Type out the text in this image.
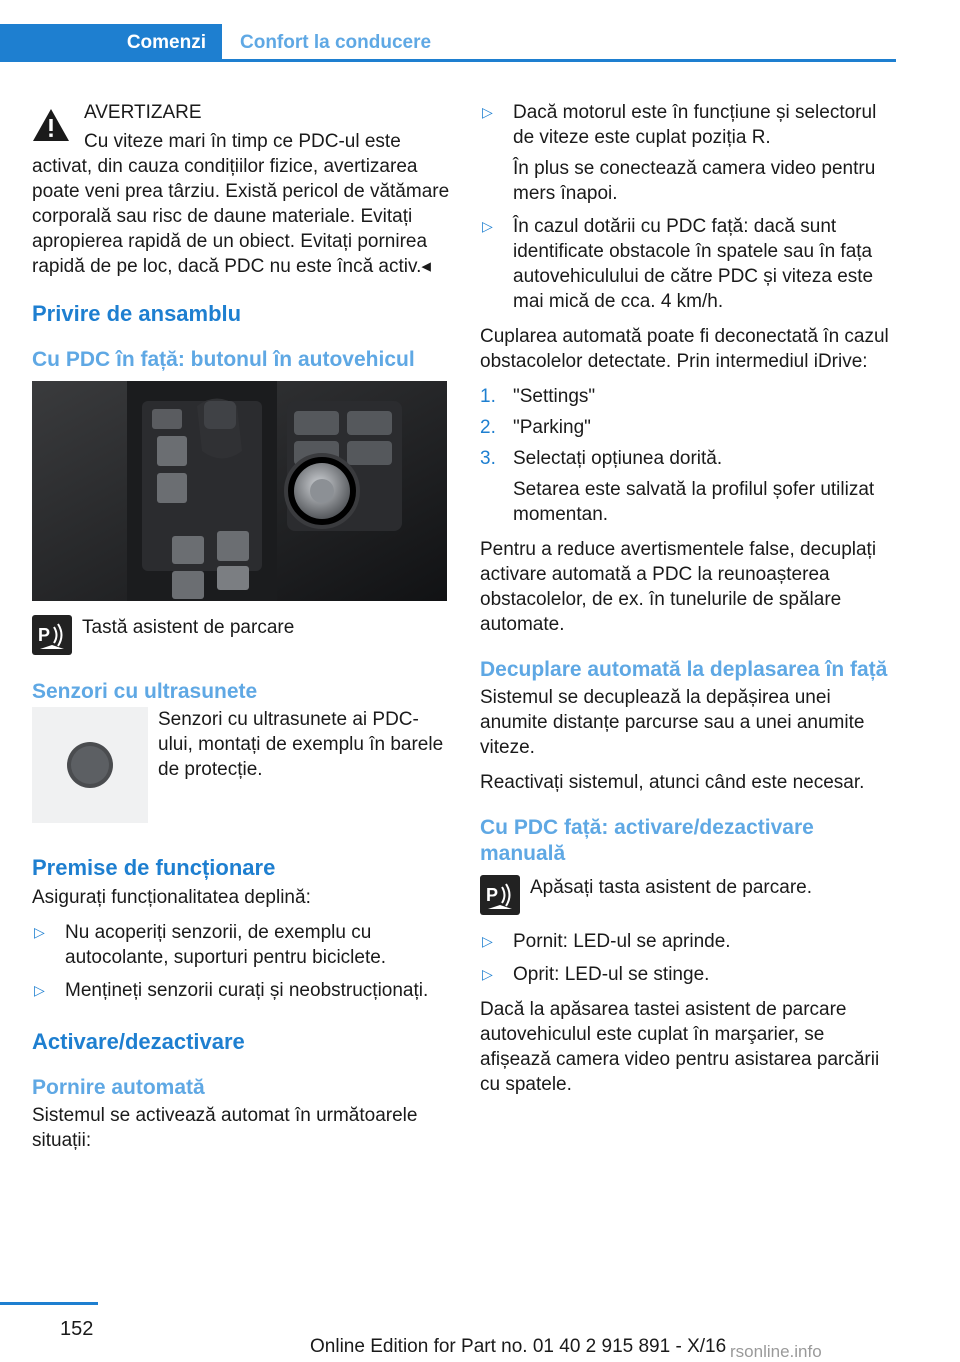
Comenzi	Confort la conducere

AVERTIZARE

Cu viteze mari în timp ce PDC-ul este activat, din cauza condițiilor fizice, avertizarea poate veni prea târziu. Există pericol de vătămare corporală sau risc de daune materiale. Evitați apropierea rapidă de un obiect. Evitați pornirea rapidă de pe loc, dacă PDC nu este încă activ.◂

Privire de ansamblu
Cu PDC în față: butonul în autovehicul
P Tastă asistent de parcare
Senzori cu ultrasunete
Senzori cu ultrasunete ai PDC-ului, montați de exemplu în barele de protecție.
Premise de funcționare

Asigurați funcționalitatea deplină:

▷ Nu acoperiți senzorii, de exemplu cu autocolante, suporturi pentru biciclete.
▷ Mențineți senzorii curați și neobstrucționați.
Activare/dezactivare
Pornire automată

Sistemul se activează automat în următoarele situații:

▷ Dacă motorul este în funcțiune și selectorul de viteze este cuplat poziția R.
În plus se conectează camera video pentru mers înapoi.
▷ În cazul dotării cu PDC față: dacă sunt identificate obstacole în spatele sau în fața autovehiculului de către PDC și viteza este mai mică de cca. 4 km/h.

Cuplarea automată poate fi deconectată în cazul obstacolelor detectate. Prin intermediul iDrive:

1. "Settings"
2. "Parking"
3. Selectați opțiunea dorită.
Setarea este salvată la profilul șofer utilizat momentan.

Pentru a reduce avertismentele false, decuplați activare automată a PDC la reunoașterea obstacolelor, de ex. în tunelurile de spălare automate.

Decuplare automată la deplasarea în față

Sistemul se decuplează la depășirea unei anumite distanțe parcurse sau a unei anumite viteze.

Reactivați sistemul, atunci când este necesar.

Cu PDC față: activare/dezactivare manuală
P Apăsați tasta asistent de parcare.
▷ Pornit: LED-ul se aprinde.
▷ Oprit: LED-ul se stinge.

Dacă la apăsarea tastei asistent de parcare autovehiculul este cuplat în marşarier, se afișează camera video pentru asistarea parcării cu spatele.

152
Online Edition for Part no. 01 40 2 915 891 - X/16 rsonline.info
